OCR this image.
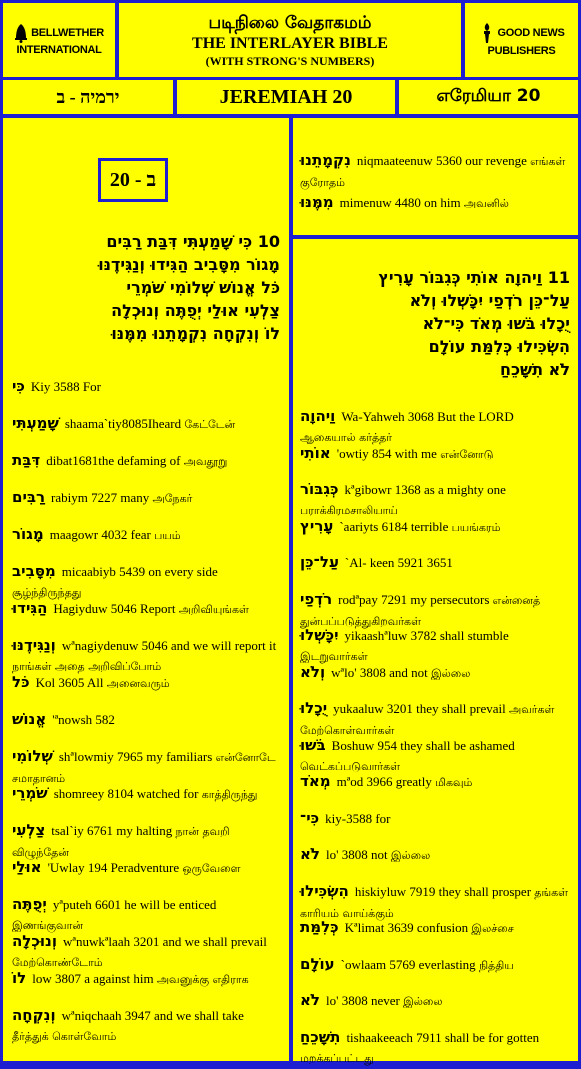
BELLWETHER
INTERNATIONAL
படிநிலை வேதாகமம்
THE INTERLAYER BIBLE
(WITH STRONG'S NUMBERS)
GOOD NEWS
PUBLISHERS
ירמיה - ב	JEREMIAH 20	எரேமியா 20
20 - ב
10 כִּי שָׁמַעְתִּי דִּבַּת רַבִּים
מָגוֹר מִסָּבִיב הַגִּידוּ וְנַגִּידֶנּוּ
כֹּל אֱנוֹשׁ שְׁלוֹמִי שֹׁמְרֵי
צַלְעִי אוּלַי יְפֻתֶּה וְנוּכְלָה
לוֹ וְנִקְחָה נִקְמָתֵנוּ מִמֶּנּוּ
כִּי Kiy 3588 For
שָׁמַעְתִּי shaama`tiy8085Iheard கேட்டேன்
דִּבַּת dibat1681the defaming of அவதூறு
רַבִּים rabiym 7227 many அநேகர்
מָגוֹר maagowr 4032 fear பயம்
מִסָּבִיב micaabiyb 5439 on every side சூழ்ந்திருந்தது
הַגִּידוּ Hagiyduw 5046 Report அறிவியுங்கள்
וְנַגִּידֶנּוּ wªnagiydenuw 5046 and we will report it நாங்கள் அதை அறிவிப்போம்
כֹּל Kol 3605 All அனைவரும்
אֱנוֹשׁ 'ªnowsh 582
שְׁלוֹמִי shªlowmiy 7965 my familiars என்னோடே சமாதானம்
שֹׁמְרֵי shomreey 8104 watched for காத்திருந்து
צַלְעִי tsal`iy 6761 my halting நான் தவறி விழுந்தேன்
אוּלַי 'Uwlay 194 Peradventure ஒருவேளை
יְפֻתֶּה yªputeh 6601 he will be enticed இணங்குவான்
וְנוּכְלָה wªnuwkªlaah 3201 and we shall prevail மேற்கொண்டோம்
לוֹ low 3807 a against him அவனுக்கு எதிராக
וְנִקְחָה wªniqchaah 3947 and we shall take தீர்த்துக் கொள்வோம்
נִקְמָתֵנוּ niqmaateenuw 5360 our revenge எங்கள் குரோதம்
מִמֶּנּוּ mimenuw 4480 on him அவனில்
11 וַיהוָה אוֹתִי כְּגִבּוֹר עָרִיץ
עַל־כֵּן רֹדְפַי יִכָּשְׁלוּ וְלֹא
יֻכָלוּ בֹּשׁוּ מְאֹד כִּי־לֹא
הִשְׂכִּילוּ כְּלִמַּת עוֹלָם
לֹא תִשָּׁכֵחַ
וַיהוָה Wa-Yahweh 3068 But the LORD ஆகையால் கர்த்தர்
אוֹתִי 'owtiy 854 with me என்னோடு
כְּגִבּוֹר kªgibowr 1368 as a mighty one பராக்கிரமசாலியாய்
עָרִיץ `aariyts 6184 terrible பயங்கரம்
עַל־כֵּן `Al- keen 5921 3651
רֹדְפַי rodªpay 7291 my persecutors என்னைத் துன்பப்படுத்துகிறவர்கள்
יִכָּשְׁלוּ yikaashªluw 3782 shall stumble இடறுவார்கள்
וְלֹא wªlo' 3808 and not இல்லை
יֻכָלוּ yukaaluw 3201 they shall prevail அவர்கள் மேற்கொள்வார்கள்
בֹּשׁוּ Boshuw 954 they shall be ashamed வெட்கப்படுவார்கள்
מְאֹד mªod 3966 greatly மிகவும்
כִּי־ kiy-3588 for
לֹא lo' 3808 not இல்லை
הִשְׂכִּילוּ hiskiyluw 7919 they shall prosper தங்கள் காரியம் வாய்க்கும்
כְּלִמַּת Kªlimat 3639 confusion இலச்சை
עוֹלָם `owlaam 5769 everlasting நித்திய
לֹא lo' 3808 never இல்லை
תִשָּׁכֵחַ tishaakeeach 7911 shall be for gotten மறக்கப்பட்டது
